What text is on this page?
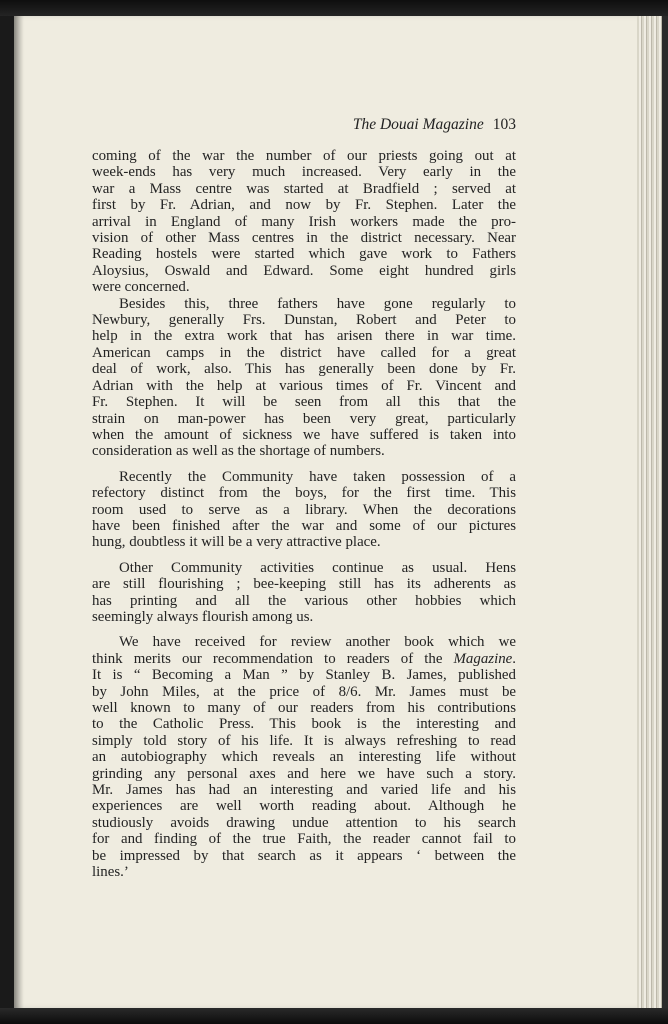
The Douai Magazine 103
coming of the war the number of our priests going out at
week-ends has very much increased. Very early in the
war a Mass centre was started at Bradfield ; served at
first by Fr. Adrian, and now by Fr. Stephen. Later the
arrival in England of many Irish workers made the pro-
vision of other Mass centres in the district necessary. Near
Reading hostels were started which gave work to Fathers
Aloysius, Oswald and Edward. Some eight hundred girls
were concerned.
Besides this, three fathers have gone regularly to
Newbury, generally Frs. Dunstan, Robert and Peter to
help in the extra work that has arisen there in war time.
American camps in the district have called for a great
deal of work, also. This has generally been done by Fr.
Adrian with the help at various times of Fr. Vincent and
Fr. Stephen. It will be seen from all this that the
strain on man-power has been very great, particularly
when the amount of sickness we have suffered is taken into
consideration as well as the shortage of numbers.
Recently the Community have taken possession of a
refectory distinct from the boys, for the first time. This
room used to serve as a library. When the decorations
have been finished after the war and some of our pictures
hung, doubtless it will be a very attractive place.
Other Community activities continue as usual. Hens
are still flourishing ; bee-keeping still has its adherents as
has printing and all the various other hobbies which
seemingly always flourish among us.
We have received for review another book which we
think merits our recommendation to readers of the Magazine.
It is “ Becoming a Man ” by Stanley B. James, published
by John Miles, at the price of 8/6. Mr. James must be
well known to many of our readers from his contributions
to the Catholic Press. This book is the interesting and
simply told story of his life. It is always refreshing to read
an autobiography which reveals an interesting life without
grinding any personal axes and here we have such a story.
Mr. James has had an interesting and varied life and his
experiences are well worth reading about. Although he
studiously avoids drawing undue attention to his search
for and finding of the true Faith, the reader cannot fail to
be impressed by that search as it appears ‘ between the
lines.’
